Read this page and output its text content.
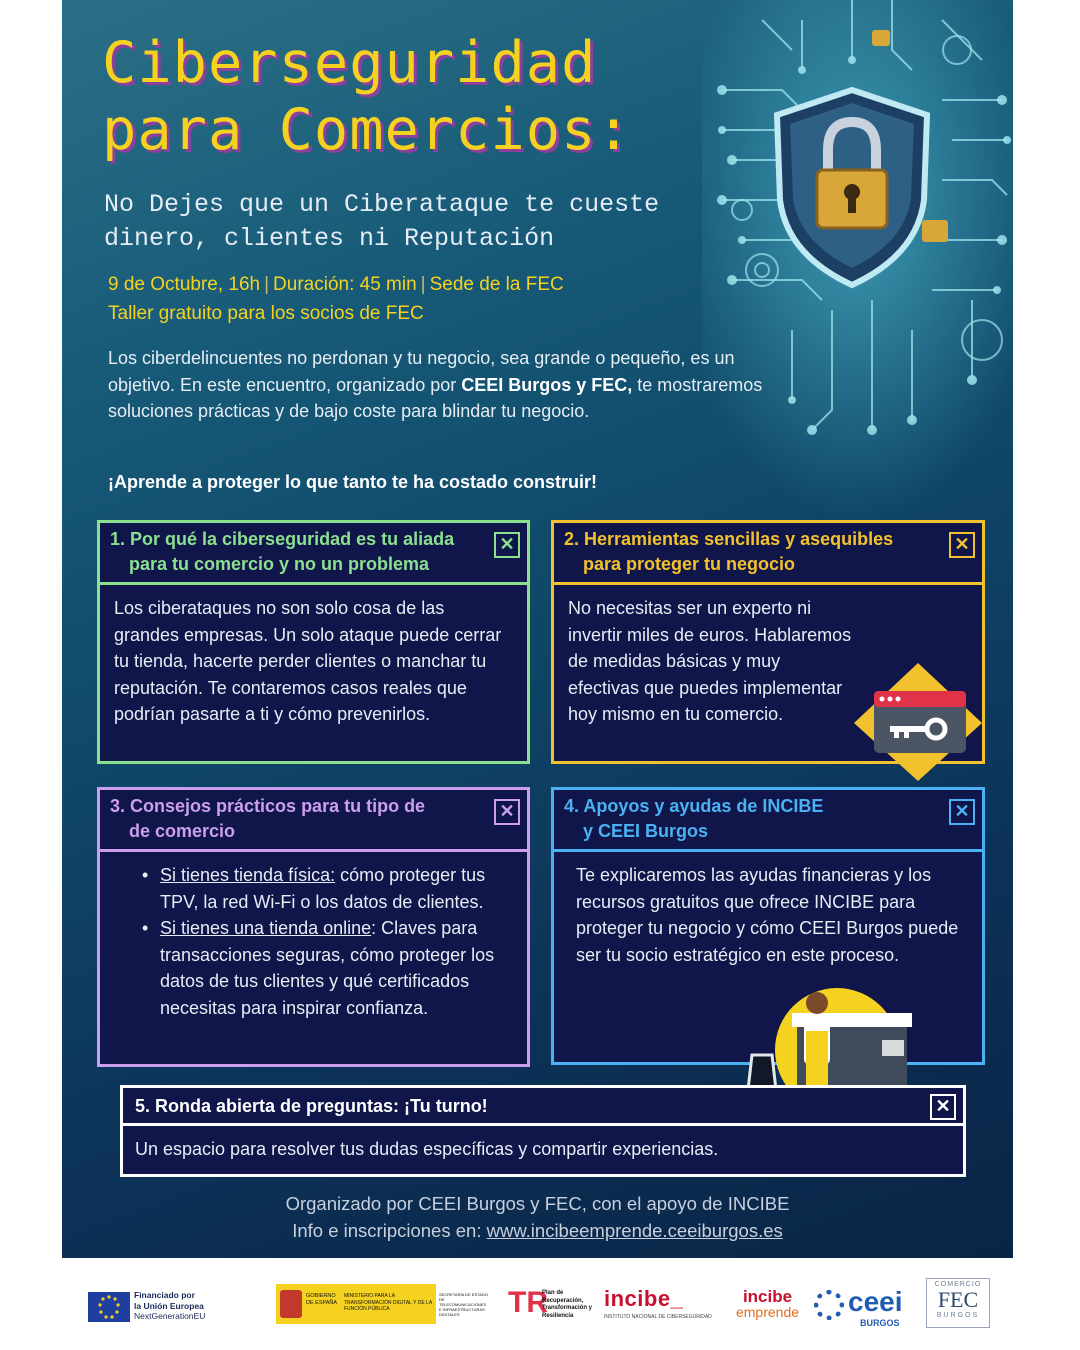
Ciberseguridad
para Comercios:
No Dejes que un Ciberataque te cueste dinero, clientes ni Reputación
9 de Octubre, 16h | Duración: 45 min | Sede de la FEC
Taller gratuito para los socios de FEC
Los ciberdelincuentes no perdonan y tu negocio, sea grande o pequeño, es un objetivo. En este encuentro, organizado por CEEI Burgos y FEC, te mostraremos soluciones prácticas y de bajo coste para blindar tu negocio.
¡Aprende a proteger lo que tanto te ha costado construir!
1. Por qué la ciberseguridad es tu aliada
para tu comercio y no un problema
✕
Los ciberataques no son solo cosa de las grandes empresas. Un solo ataque puede cerrar tu tienda, hacerte perder clientes o manchar tu reputación. Te contaremos casos reales que podrían pasarte a ti y cómo prevenirlos.
2. Herramientas sencillas y asequibles
para proteger tu negocio
✕
No necesitas ser un experto ni invertir miles de euros. Hablaremos de medidas básicas y muy efectivas que puedes implementar hoy mismo en tu comercio.
3. Consejos prácticos para tu tipo de
de comercio
✕
• Si tienes tienda física: cómo proteger tus TPV, la red Wi-Fi o los datos de clientes.
• Si tienes una tienda online: Claves para transacciones seguras, cómo proteger los datos de tus clientes y qué certificados necesitas para inspirar confianza.
4. Apoyos y ayudas de INCIBE
y CEEI Burgos
✕
Te explicaremos las ayudas financieras y los recursos gratuitos que ofrece INCIBE para proteger tu negocio y cómo CEEI Burgos puede ser tu socio estratégico en este proceso.
5. Ronda abierta de preguntas: ¡Tu turno!	✕
Un espacio para resolver tus dudas específicas y compartir experiencias.
Organizado por CEEI Burgos y FEC, con el apoyo de INCIBE
Info e inscripciones en: www.incibeemprende.ceeiburgos.es
Financiado por
la Unión Europea
NextGenerationEU
GOBIERNO DE ESPAÑA
MINISTERIO PARA LA TRANSFORMACIÓN DIGITAL Y DE LA FUNCIÓN PÚBLICA
SECRETARÍA DE ESTADO DE TELECOMUNICACIONES E INFRAESTRUCTURAS DIGITALES	TR
Plan de Recuperación, Transformación y Resiliencia
incibe_
INSTITUTO NACIONAL DE CIBERSEGURIDAD
incibe
emprende ceei
BURGOS
COMERCIO
FEC
BURGOS
